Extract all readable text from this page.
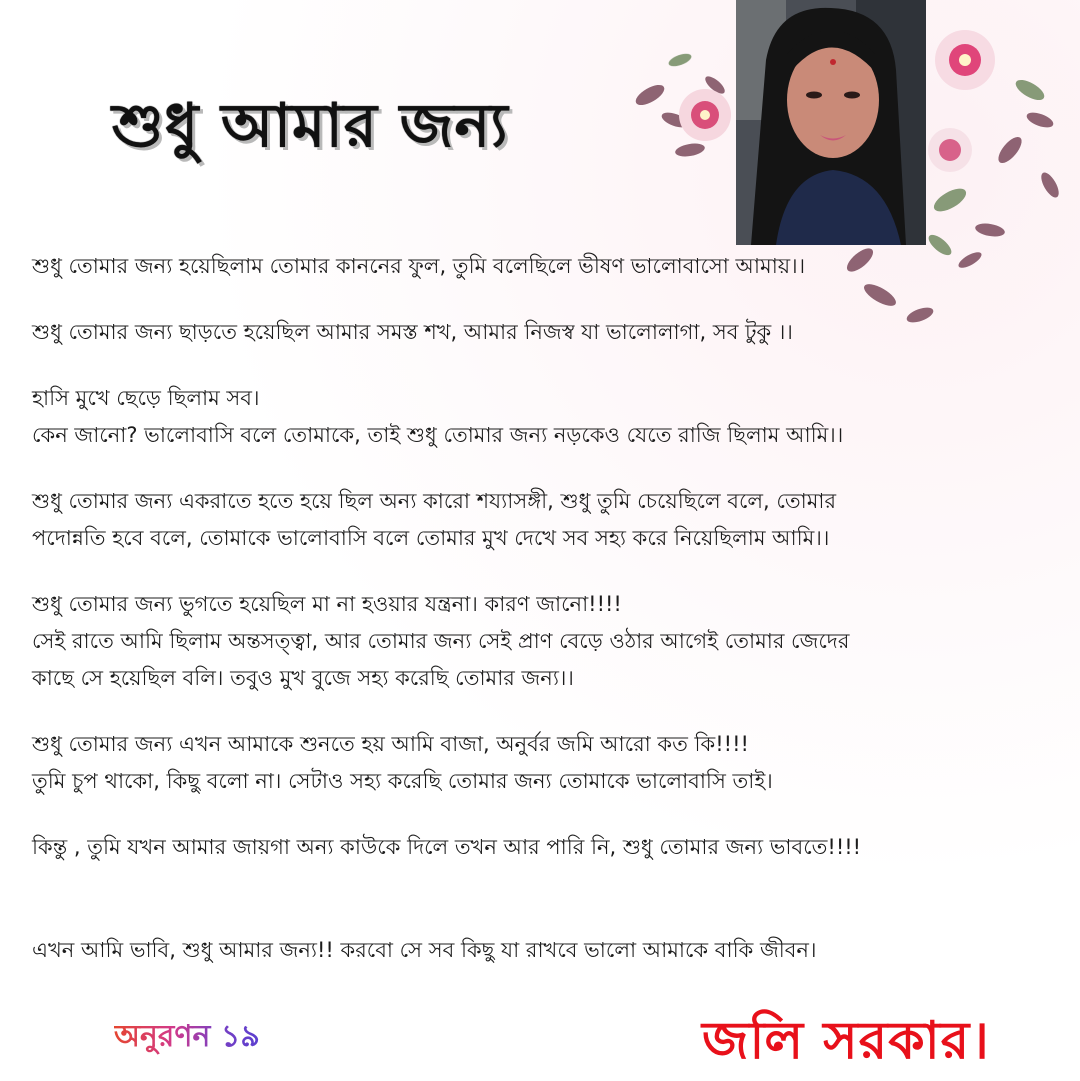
শুধু আমার জন্য
শুধু তোমার জন্য হয়েছিলাম তোমার কাননের ফুল, তুমি বলেছিলে ভীষণ ভালোবাসো আমায়।।
শুধু তোমার জন্য ছাড়তে হয়েছিল আমার সমস্ত শখ, আমার নিজস্ব যা ভালোলাগা, সব টুকু ।।
হাসি মুখে ছেড়ে ছিলাম সব।
কেন জানো? ভালোবাসি বলে তোমাকে, তাই শুধু তোমার জন্য নড়কেও যেতে রাজি ছিলাম আমি।।
শুধু তোমার জন্য একরাতে হতে হয়ে ছিল অন্য কারো শয্যাসঙ্গী, শুধু তুমি চেয়েছিলে বলে, তোমার
পদোন্নতি হবে বলে, তোমাকে ভালোবাসি বলে তোমার মুখ দেখে সব সহ্য করে নিয়েছিলাম আমি।।
শুধু তোমার জন্য ভুগতে হয়েছিল মা না হওয়ার যন্ত্রনা। কারণ জানো!!!!
সেই রাতে আমি ছিলাম অন্তসত্ত্বা, আর তোমার জন্য সেই প্রাণ বেড়ে ওঠার আগেই তোমার জেদের
কাছে সে হয়েছিল বলি। তবুও মুখ বুজে সহ্য করেছি তোমার জন্য।।
শুধু তোমার জন্য এখন আমাকে শুনতে হয় আমি বাজা, অনুর্বর জমি আরো কত কি!!!!
তুমি চুপ থাকো, কিছু বলো না। সেটাও সহ্য করেছি তোমার জন্য তোমাকে ভালোবাসি তাই।
কিন্তু , তুমি যখন আমার জায়গা অন্য কাউকে দিলে তখন আর পারি নি, শুধু তোমার জন্য ভাবতে!!!!
এখন আমি ভাবি, শুধু আমার জন্য!! করবো সে সব কিছু যা রাখবে ভালো আমাকে বাকি জীবন।
অনুরণন ১৯	জলি সরকার।
